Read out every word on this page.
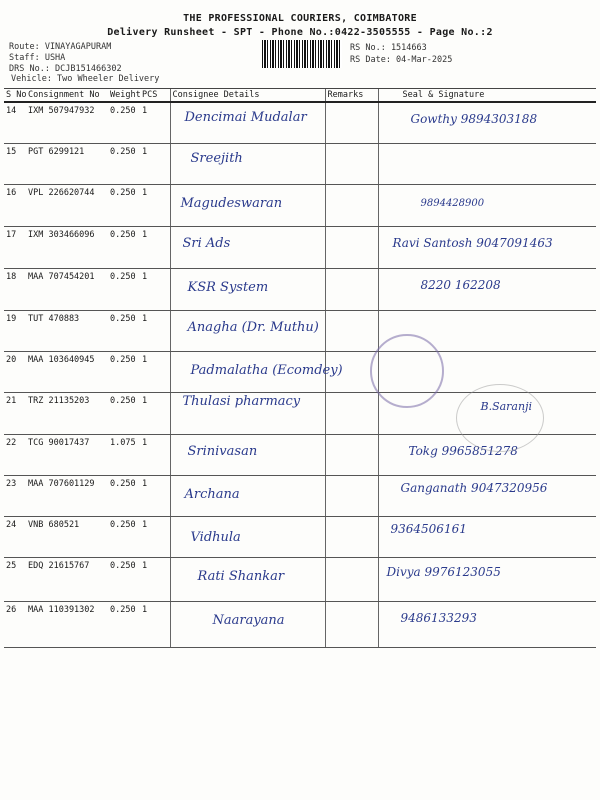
THE PROFESSIONAL COURIERS, COIMBATORE
Delivery Runsheet - SPT - Phone No.:0422-3505555 - Page No.:2
Route: VINAYAGAPURAM
Staff: USHA
DRS No.: DCJB151466302
Vehicle: Two Wheeler Delivery
RS No.: 1514663
RS Date: 04-Mar-2025
S No	Consignment No	Weight	PCS	Consignee Details	Remarks	Seal & Signature
14	IXM 507947932	0.250	1	Dencimai Mudalar		Gowthy 9894303188
15	PGT 6299121	0.250	1	Sreejith		
16	VPL 226620744	0.250	1	Magudeswaran		9894428900
17	IXM 303466096	0.250	1	Sri Ads		Ravi Santosh 9047091463
18	MAA 707454201	0.250	1	KSR System		8220 162208
19	TUT 470883	0.250	1	Anagha (Dr. Muthu)		
20	MAA 103640945	0.250	1	Padmalatha (Ecomdey)		
21	TRZ 21135203	0.250	1	Thulasi pharmacy		B.Saranji
22	TCG 90017437	1.075	1	Srinivasan		Tokg 9965851278
23	MAA 707601129	0.250	1	Archana		Ganganath 9047320956
24	VNB 680521	0.250	1	Vidhula		9364506161
25	EDQ 21615767	0.250	1	Rati Shankar		Divya 9976123055
26	MAA 110391302	0.250	1	Naarayana		9486133293
